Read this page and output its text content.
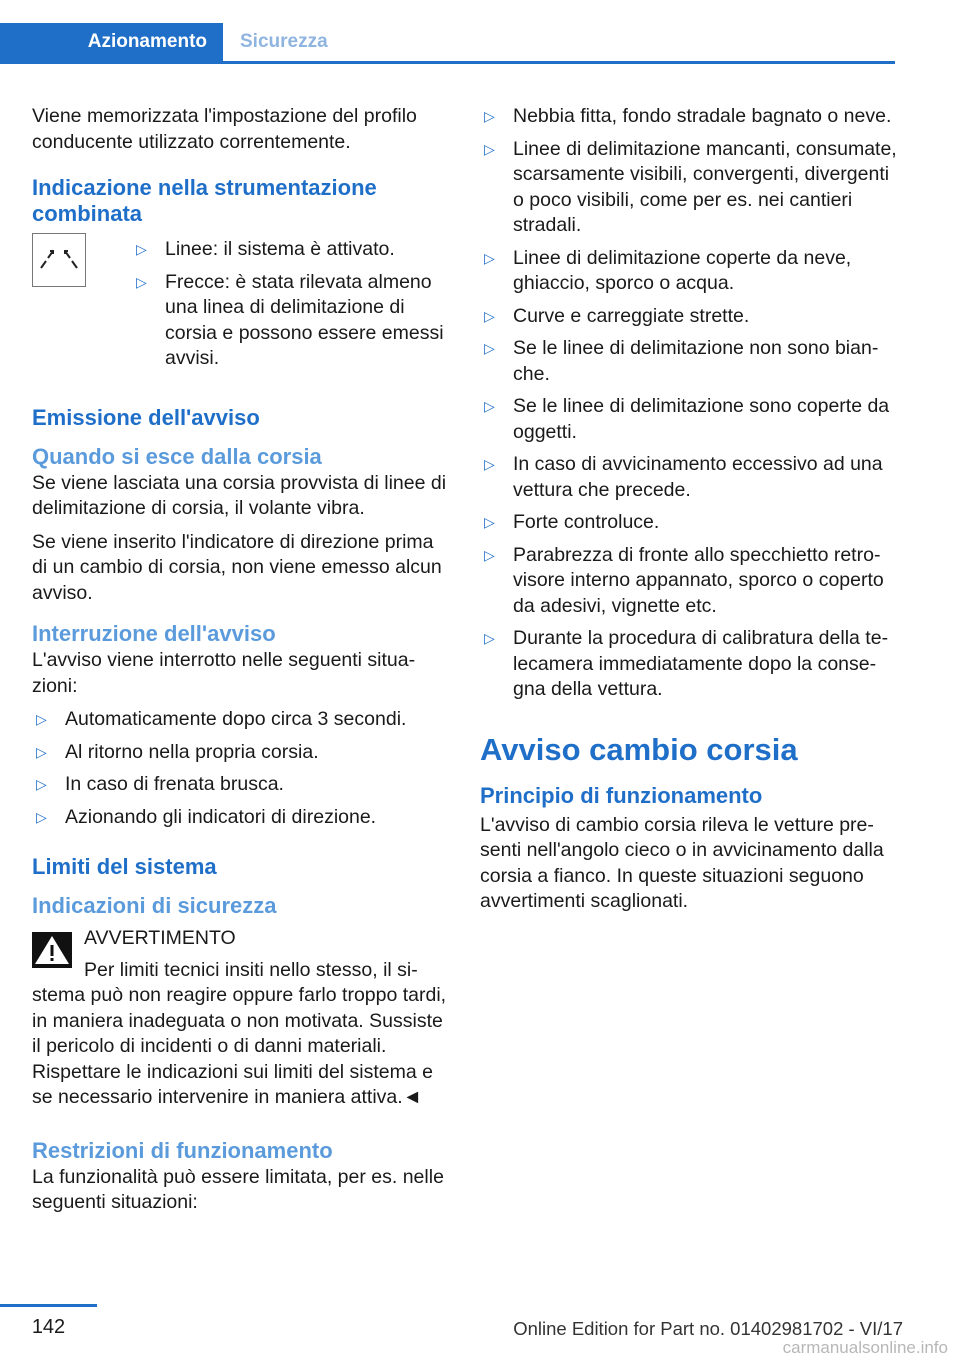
Azionamento	Sicurezza

Viene memorizzata l'impostazione del profilo conducente utilizzato correntemente.

Indicazione nella strumentazione combinata
▷ Linee: il sistema è attivato.
▷ Frecce: è stata rilevata almeno una linea di delimitazione di corsia e possono essere emessi avvisi.
Emissione dell'avviso
Quando si esce dalla corsia

Se viene lasciata una corsia provvista di linee di delimitazione di corsia, il volante vibra.

Se viene inserito l'indicatore di direzione prima di un cambio di corsia, non viene emesso alcun avviso.

Interruzione dell'avviso

L'avviso viene interrotto nelle seguenti situazioni:

▷ Automaticamente dopo circa 3 secondi.
▷ Al ritorno nella propria corsia.
▷ In caso di frenata brusca.
▷ Azionando gli indicatori di direzione.
Limiti del sistema
Indicazioni di sicurezza

AVVERTIMENTO

Per limiti tecnici insiti nello stesso, il sistema può non reagire oppure farlo troppo tardi, in maniera inadeguata o non motivata. Sussiste il pericolo di incidenti o di danni materiali. Rispettare le indicazioni sui limiti del sistema e se necessario intervenire in maniera attiva.◄

Restrizioni di funzionamento

La funzionalità può essere limitata, per es. nelle seguenti situazioni:

▷ Nebbia fitta, fondo stradale bagnato o neve.
▷ Linee di delimitazione mancanti, consumate, scarsamente visibili, convergenti, divergenti o poco visibili, come per es. nei cantieri stradali.
▷ Linee di delimitazione coperte da neve, ghiaccio, sporco o acqua.
▷ Curve e carreggiate strette.
▷ Se le linee di delimitazione non sono bianche.
▷ Se le linee di delimitazione sono coperte da oggetti.
▷ In caso di avvicinamento eccessivo ad una vettura che precede.
▷ Forte controluce.
▷ Parabrezza di fronte allo specchietto retrovisore interno appannato, sporco o coperto da adesivi, vignette etc.
▷ Durante la procedura di calibratura della telecamera immediatamente dopo la consegna della vettura.
Avviso cambio corsia
Principio di funzionamento

L'avviso di cambio corsia rileva le vetture presenti nell'angolo cieco o in avvicinamento dalla corsia a fianco. In queste situazioni seguono avvertimenti scaglionati.

142	Online Edition for Part no. 01402981702 - VI/17
carmanualsonline.info
